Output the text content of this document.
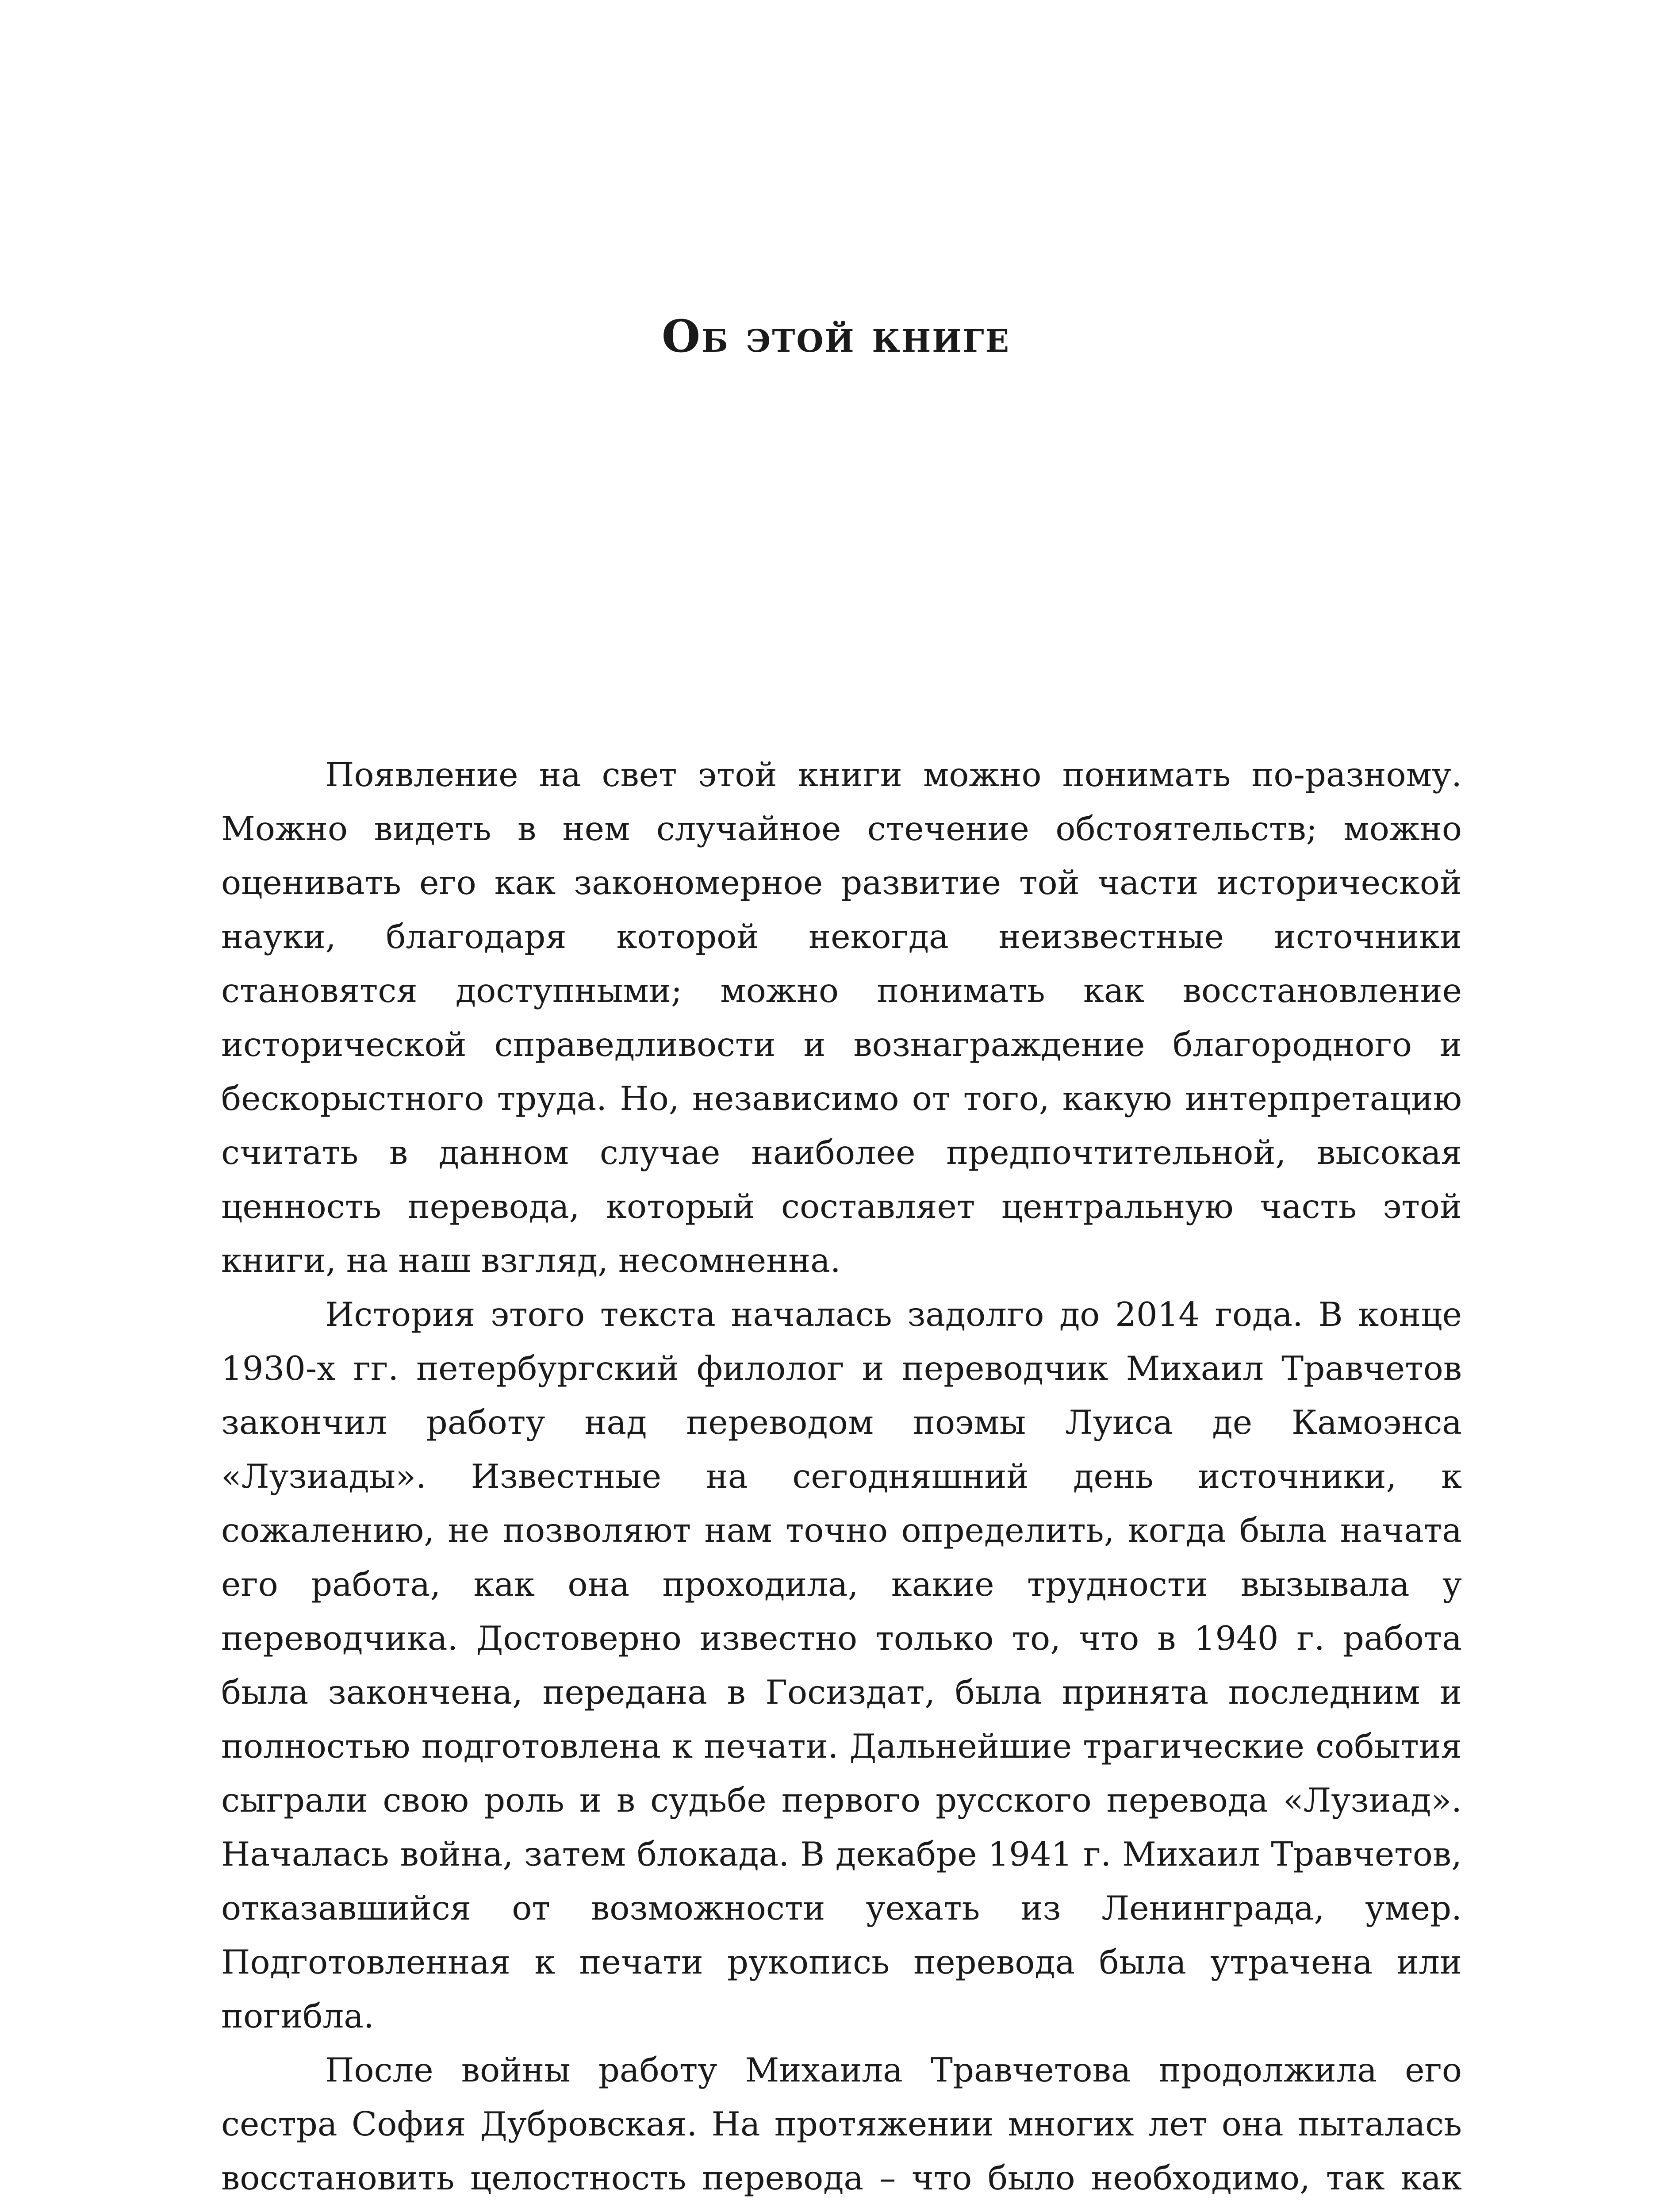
Об этой книге

Появление на свет этой книги можно понимать по-разному. Можно видеть в нем случайное стечение обстоятельств; можно оценивать его как закономерное развитие той части исторической науки, благодаря которой некогда неизвестные источники становятся доступными; можно понимать как восстановление исторической справедливости и вознаграждение благородного и бескорыстного труда. Но, независимо от того, какую интерпретацию считать в данном случае наиболее предпочтительной, высокая ценность перевода, который составляет центральную часть этой книги, на наш взгляд, несомненна.

История этого текста началась задолго до 2014 года. В конце 1930-х гг. петербургский филолог и переводчик Михаил Травчетов закончил работу над переводом поэмы Луиса де Камоэнса «Лузиады». Известные на сегодняшний день источники, к сожалению, не позволяют нам точно определить, когда была начата его работа, как она проходила, какие трудности вызывала у переводчика. Достоверно известно только то, что в 1940 г. работа была закончена, передана в Госиздат, была принята последним и полностью подготовлена к печати. Дальнейшие трагические события сыграли свою роль и в судьбе первого русского перевода «Лузиад». Началась война, затем блокада. В декабре 1941 г. Михаил Травчетов, отказавшийся от возможности уехать из Ленинграда, умер. Подготовленная к печати рукопись перевода была утрачена или погибла.

После войны работу Михаила Травчетова продолжила его сестра София Дубровская. На протяжении многих лет она пыталась восстановить целостность перевода – что было необходимо, так как
